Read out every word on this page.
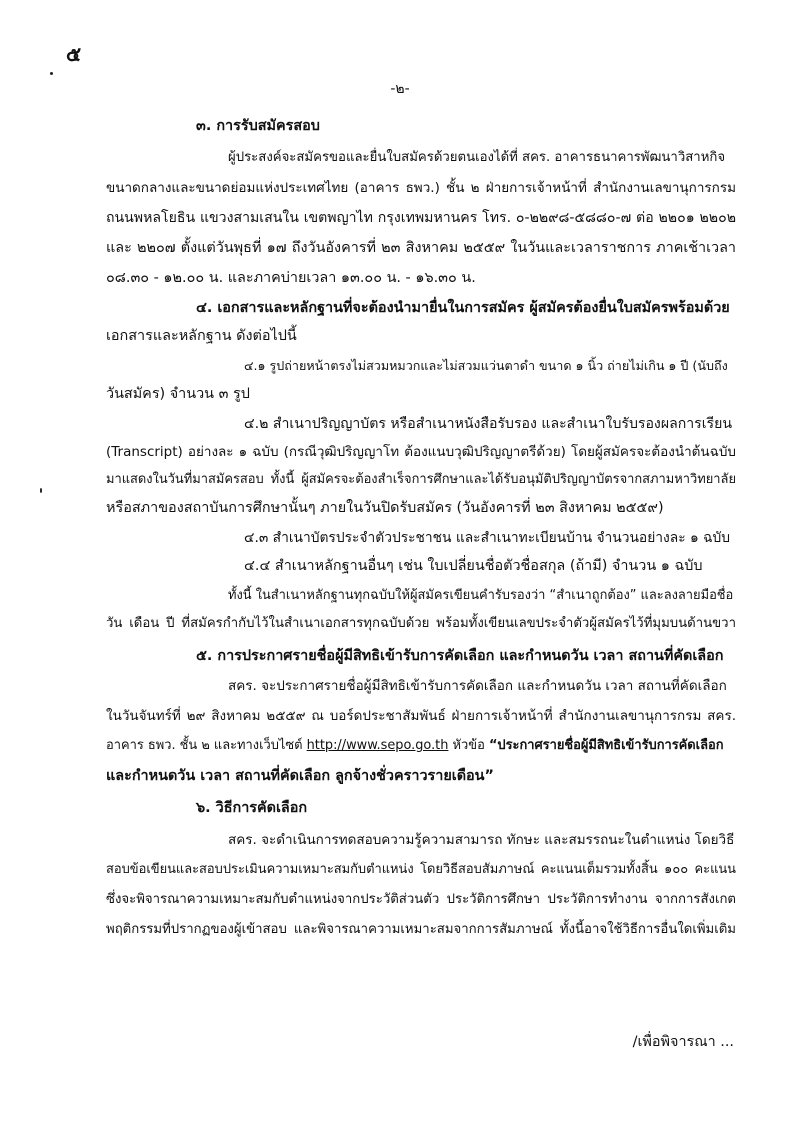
๕
-๒-
๓. การรับสมัครสอบ
ผู้ประสงค์จะสมัครขอและยื่นใบสมัครด้วยตนเองได้ที่ สคร. อาคารธนาคารพัฒนาวิสาหกิจ
ขนาดกลางและขนาดย่อมแห่งประเทศไทย (อาคาร ธพว.) ชั้น ๒ ฝ่ายการเจ้าหน้าที่ สำนักงานเลขานุการกรม
ถนนพหลโยธิน แขวงสามเสนใน เขตพญาไท กรุงเทพมหานคร โทร. ๐-๒๒๙๘-๕๘๘๐-๗ ต่อ ๒๒๐๑ ๒๒๐๒
และ ๒๒๐๗ ตั้งแต่วันพุธที่ ๑๗ ถึงวันอังคารที่ ๒๓ สิงหาคม ๒๕๕๙ ในวันและเวลาราชการ ภาคเช้าเวลา
๐๘.๓๐ - ๑๒.๐๐ น. และภาคบ่ายเวลา ๑๓.๐๐ น. - ๑๖.๓๐ น.
๔. เอกสารและหลักฐานที่จะต้องนำมายื่นในการสมัคร ผู้สมัครต้องยื่นใบสมัครพร้อมด้วย
เอกสารและหลักฐาน ดังต่อไปนี้
๔.๑ รูปถ่ายหน้าตรงไม่สวมหมวกและไม่สวมแว่นตาดำ ขนาด ๑ นิ้ว ถ่ายไม่เกิน ๑ ปี (นับถึง
วันสมัคร) จำนวน ๓ รูป
๔.๒ สำเนาปริญญาบัตร หรือสำเนาหนังสือรับรอง และสำเนาใบรับรองผลการเรียน
(Transcript) อย่างละ ๑ ฉบับ (กรณีวุฒิปริญญาโท ต้องแนบวุฒิปริญญาตรีด้วย) โดยผู้สมัครจะต้องนำต้นฉบับ
มาแสดงในวันที่มาสมัครสอบ ทั้งนี้ ผู้สมัครจะต้องสำเร็จการศึกษาและได้รับอนุมัติปริญญาบัตรจากสภามหาวิทยาลัย
หรือสภาของสถาบันการศึกษานั้นๆ ภายในวันปิดรับสมัคร (วันอังคารที่ ๒๓ สิงหาคม ๒๕๕๙)
๔.๓ สำเนาบัตรประจำตัวประชาชน และสำเนาทะเบียนบ้าน จำนวนอย่างละ ๑ ฉบับ
๔.๔ สำเนาหลักฐานอื่นๆ เช่น ใบเปลี่ยนชื่อตัวชื่อสกุล (ถ้ามี) จำนวน ๑ ฉบับ
ทั้งนี้ ในสำเนาหลักฐานทุกฉบับให้ผู้สมัครเขียนคำรับรองว่า “สำเนาถูกต้อง” และลงลายมือชื่อ
วัน เดือน ปี ที่สมัครกำกับไว้ในสำเนาเอกสารทุกฉบับด้วย พร้อมทั้งเขียนเลขประจำตัวผู้สมัครไว้ที่มุมบนด้านขวา
๕. การประกาศรายชื่อผู้มีสิทธิเข้ารับการคัดเลือก และกำหนดวัน เวลา สถานที่คัดเลือก
สคร. จะประกาศรายชื่อผู้มีสิทธิเข้ารับการคัดเลือก และกำหนดวัน เวลา สถานที่คัดเลือก
ในวันจันทร์ที่ ๒๙ สิงหาคม ๒๕๕๙ ณ บอร์ดประชาสัมพันธ์ ฝ่ายการเจ้าหน้าที่ สำนักงานเลขานุการกรม สคร.
อาคาร ธพว. ชั้น ๒ และทางเว็บไซต์ http://www.sepo.go.th หัวข้อ “ประกาศรายชื่อผู้มีสิทธิเข้ารับการคัดเลือก
และกำหนดวัน เวลา สถานที่คัดเลือก ลูกจ้างชั่วคราวรายเดือน”
๖. วิธีการคัดเลือก
สคร. จะดำเนินการทดสอบความรู้ความสามารถ ทักษะ และสมรรถนะในตำแหน่ง โดยวิธี
สอบข้อเขียนและสอบประเมินความเหมาะสมกับตำแหน่ง โดยวิธีสอบสัมภาษณ์ คะแนนเต็มรวมทั้งสิ้น ๑๐๐ คะแนน
ซึ่งจะพิจารณาความเหมาะสมกับตำแหน่งจากประวัติส่วนตัว ประวัติการศึกษา ประวัติการทำงาน จากการสังเกต
พฤติกรรมที่ปรากฏของผู้เข้าสอบ และพิจารณาความเหมาะสมจากการสัมภาษณ์ ทั้งนี้อาจใช้วิธีการอื่นใดเพิ่มเติม
/เพื่อพิจารณา ...
